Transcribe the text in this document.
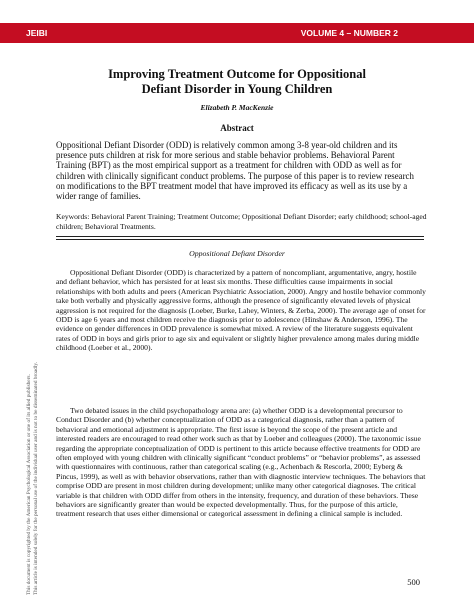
JEIBI	VOLUME 4 – NUMBER 2
This document is copyrighted by the American Psychological Association or one of its allied publishers. This article is intended solely for the personal use of the individual user and is not to be disseminated broadly.
Improving Treatment Outcome for Oppositional
Defiant Disorder in Young Children
Elizabeth P. MacKenzie
Abstract

Oppositional Defiant Disorder (ODD) is relatively common among 3-8 year-old children and its presence puts children at risk for more serious and stable behavior problems. Behavioral Parent Training (BPT) as the most empirical support as a treatment for children with ODD as well as for children with clinically significant conduct problems. The purpose of this paper is to review research on modifications to the BPT treatment model that have improved its efficacy as well as its use by a wider range of families.

Keywords: Behavioral Parent Training; Treatment Outcome; Oppositional Defiant Disorder; early childhood; school-aged children; Behavioral Treatments.

Oppositional Defiant Disorder

Oppositional Defiant Disorder (ODD) is characterized by a pattern of noncompliant, argumentative, angry, hostile and defiant behavior, which has persisted for at least six months. These difficulties cause impairments in social relationships with both adults and peers (American Psychiatric Association, 2000). Angry and hostile behavior commonly take both verbally and physically aggressive forms, although the presence of significantly elevated levels of physical aggression is not required for the diagnosis (Loeber, Burke, Lahey, Winters, & Zerba, 2000). The average age of onset for ODD is age 6 years and most children receive the diagnosis prior to adolescence (Hinshaw & Anderson, 1996). The evidence on gender differences in ODD prevalence is somewhat mixed. A review of the literature suggests equivalent rates of ODD in boys and girls prior to age six and equivalent or slightly higher prevalence among males during middle childhood (Loeber et al., 2000).

Two debated issues in the child psychopathology arena are: (a) whether ODD is a developmental precursor to Conduct Disorder and (b) whether conceptualization of ODD as a categorical diagnosis, rather than a pattern of behavioral and emotional adjustment is appropriate. The first issue is beyond the scope of the present article and interested readers are encouraged to read other work such as that by Loeber and colleagues (2000). The taxonomic issue regarding the appropriate conceptualization of ODD is pertinent to this article because effective treatments for ODD are often employed with young children with clinically significant “conduct problems” or “behavior problems”, as assessed with questionnaires with continuous, rather than categorical scaling (e.g., Achenbach & Rescorla, 2000; Eyberg & Pincus, 1999), as well as with behavior observations, rather than with diagnostic interview techniques. The behaviors that comprise ODD are present in most children during development; unlike many other categorical diagnoses. The critical variable is that children with ODD differ from others in the intensity, frequency, and duration of these behaviors. These behaviors are significantly greater than would be expected developmentally. Thus, for the purpose of this article, treatment research that uses either dimensional or categorical assessment in defining a clinical sample is included.

500
